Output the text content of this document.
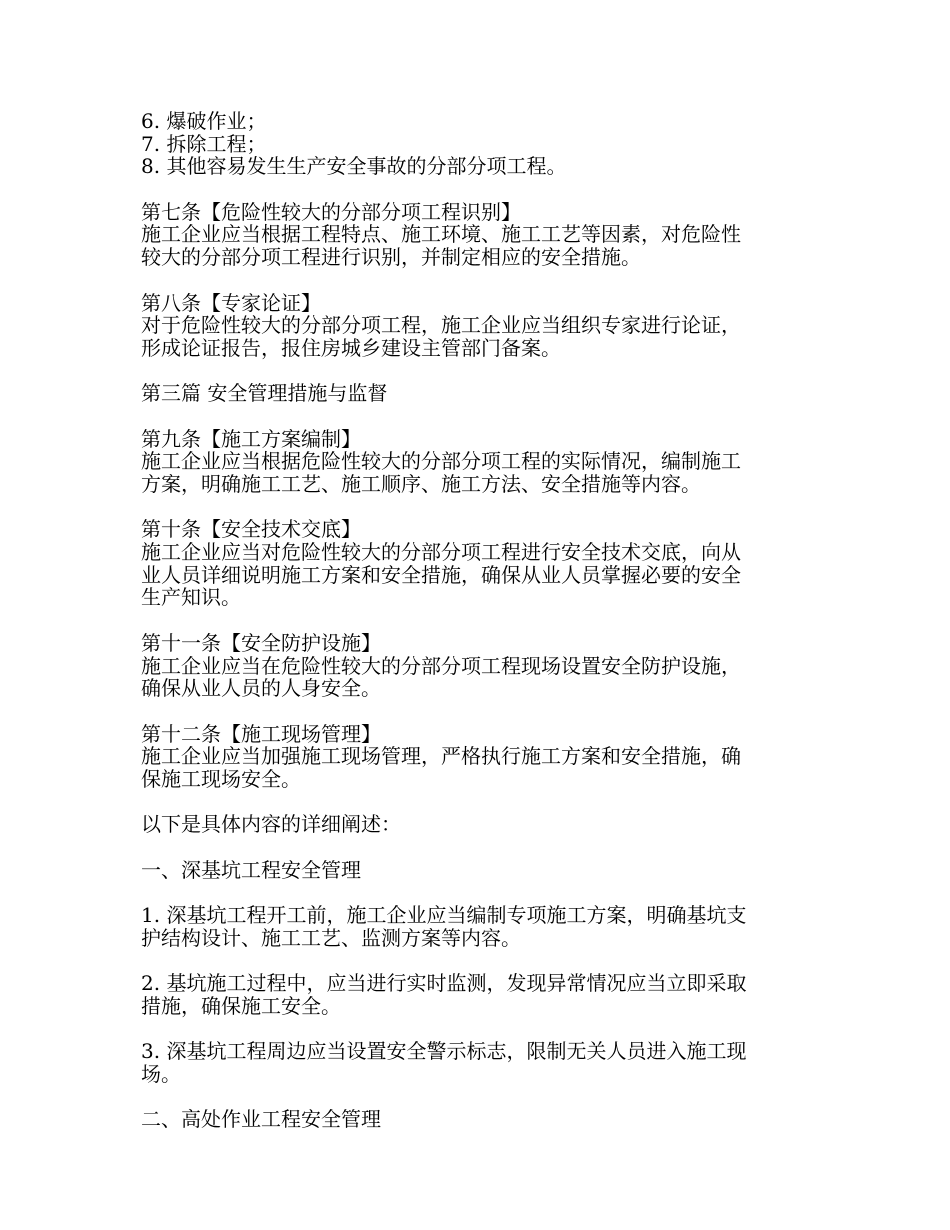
6. 爆破作业；
7. 拆除工程；
8. 其他容易发生生产安全事故的分部分项工程。
第七条【危险性较大的分部分项工程识别】
施工企业应当根据工程特点、施工环境、施工工艺等因素，对危险性
较大的分部分项工程进行识别，并制定相应的安全措施。
第八条【专家论证】
对于危险性较大的分部分项工程，施工企业应当组织专家进行论证，
形成论证报告，报住房城乡建设主管部门备案。
第三篇 安全管理措施与监督
第九条【施工方案编制】
施工企业应当根据危险性较大的分部分项工程的实际情况，编制施工
方案，明确施工工艺、施工顺序、施工方法、安全措施等内容。
第十条【安全技术交底】
施工企业应当对危险性较大的分部分项工程进行安全技术交底，向从
业人员详细说明施工方案和安全措施，确保从业人员掌握必要的安全
生产知识。
第十一条【安全防护设施】
施工企业应当在危险性较大的分部分项工程现场设置安全防护设施，
确保从业人员的人身安全。
第十二条【施工现场管理】
施工企业应当加强施工现场管理，严格执行施工方案和安全措施，确
保施工现场安全。
以下是具体内容的详细阐述：
一、深基坑工程安全管理
1. 深基坑工程开工前，施工企业应当编制专项施工方案，明确基坑支
护结构设计、施工工艺、监测方案等内容。
2. 基坑施工过程中，应当进行实时监测，发现异常情况应当立即采取
措施，确保施工安全。
3. 深基坑工程周边应当设置安全警示标志，限制无关人员进入施工现
场。
二、高处作业工程安全管理
